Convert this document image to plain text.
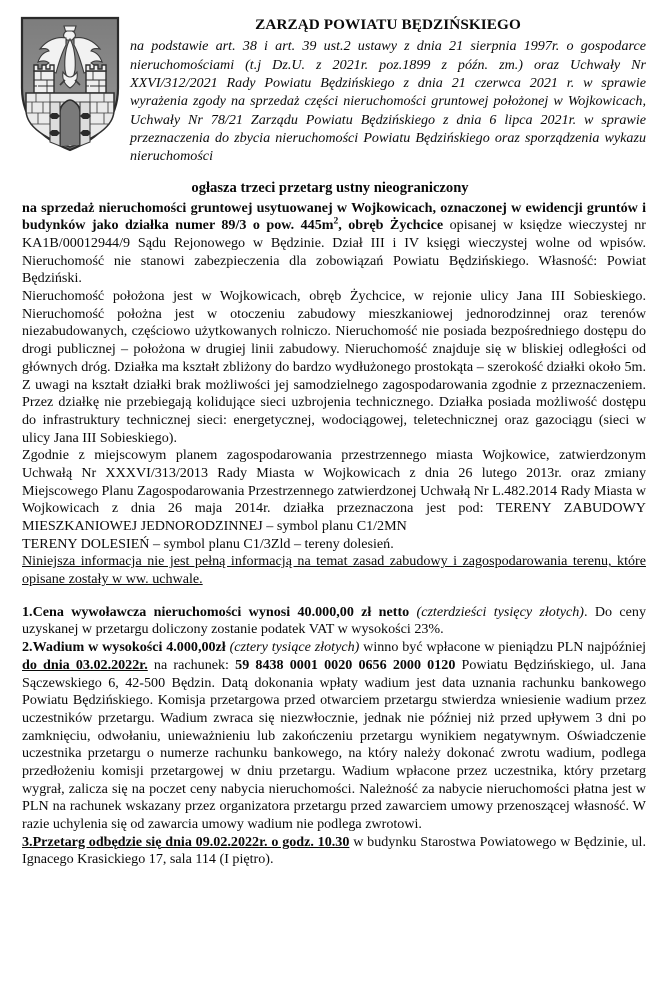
ZARZĄD POWIATU BĘDZIŃSKIEGO
na podstawie art. 38 i art. 39 ust.2 ustawy z dnia 21 sierpnia 1997r. o gospodarce nieruchomościami (t.j Dz.U. z 2021r. poz.1899 z późn. zm.) oraz Uchwały Nr XXVI/312/2021 Rady Powiatu Będzińskiego z dnia 21 czerwca 2021 r. w sprawie wyrażenia zgody na sprzedaż części nieruchomości gruntowej położonej w Wojkowicach, Uchwały Nr 78/21 Zarządu Powiatu Będzińskiego z dnia 6 lipca 2021r. w sprawie przeznaczenia do zbycia nieruchomości Powiatu Będzińskiego oraz sporządzenia wykazu nieruchomości
ogłasza trzeci przetarg ustny nieograniczony

na sprzedaż nieruchomości gruntowej usytuowanej w Wojkowicach, oznaczonej w ewidencji gruntów i budynków jako działka numer 89/3 o pow. $445m^2$, obręb Żychcice opisanej w księdze wieczystej nr KA1B/00012944/9 Sądu Rejonowego w Będzinie. Dział III i IV księgi wieczystej wolne od wpisów. Nieruchomość nie stanowi zabezpieczenia dla zobowiązań Powiatu Będzińskiego. Własność: Powiat Będziński.

Nieruchomość położona jest w Wojkowicach, obręb Żychcice, w rejonie ulicy Jana III Sobieskiego. Nieruchomość położna jest w otoczeniu zabudowy mieszkaniowej jednorodzinnej oraz terenów niezabudowanych, częściowo użytkowanych rolniczo. Nieruchomość nie posiada bezpośredniego dostępu do drogi publicznej – położona w drugiej linii zabudowy. Nieruchomość znajduje się w bliskiej odległości od głównych dróg. Działka ma kształt zbliżony do bardzo wydłużonego prostokąta – szerokość działki około 5m. Z uwagi na kształt działki brak możliwości jej samodzielnego zagospodarowania zgodnie z przeznaczeniem. Przez działkę nie przebiegają kolidujące sieci uzbrojenia technicznego. Działka posiada możliwość dostępu do infrastruktury technicznej sieci: energetycznej, wodociągowej, teletechnicznej oraz gazociągu (sieci w ulicy Jana III Sobieskiego).

Zgodnie z miejscowym planem zagospodarowania przestrzennego miasta Wojkowice, zatwierdzonym Uchwałą Nr XXXVI/313/2013 Rady Miasta w Wojkowicach z dnia 26 lutego 2013r. oraz zmiany Miejscowego Planu Zagospodarowania Przestrzennego zatwierdzonej Uchwałą Nr L.482.2014 Rady Miasta w Wojkowicach z dnia 26 maja 2014r. działka przeznaczona jest pod: TERENY ZABUDOWY MIESZKANIOWEJ JEDNORODZINNEJ – symbol planu C1/2MN

TERENY DOLESIEŃ – symbol planu C1/3Zld – tereny dolesień.

Niniejsza informacja nie jest pełną informacją na temat zasad zabudowy i zagospodarowania terenu, które opisane zostały w ww. uchwale.

1.Cena wywoławcza nieruchomości wynosi 40.000,00 zł netto (czterdzieści tysięcy złotych). Do ceny uzyskanej w przetargu doliczony zostanie podatek VAT w wysokości 23%.

2.Wadium w wysokości 4.000,00zł (cztery tysiące złotych) winno być wpłacone w pieniądzu PLN najpóźniej do dnia 03.02.2022r. na rachunek: 59 8438 0001 0020 0656 2000 0120 Powiatu Będzińskiego, ul. Jana Sączewskiego 6, 42-500 Będzin. Datą dokonania wpłaty wadium jest data uznania rachunku bankowego Powiatu Będzińskiego. Komisja przetargowa przed otwarciem przetargu stwierdza wniesienie wadium przez uczestników przetargu. Wadium zwraca się niezwłocznie, jednak nie później niż przed upływem 3 dni po zamknięciu, odwołaniu, unieważnieniu lub zakończeniu przetargu wynikiem negatywnym. Oświadczenie uczestnika przetargu o numerze rachunku bankowego, na który należy dokonać zwrotu wadium, podlega przedłożeniu komisji przetargowej w dniu przetargu. Wadium wpłacone przez uczestnika, który przetarg wygrał, zalicza się na poczet ceny nabycia nieruchomości. Należność za nabycie nieruchomości płatna jest w PLN na rachunek wskazany przez organizatora przetargu przed zawarciem umowy przenoszącej własność. W razie uchylenia się od zawarcia umowy wadium nie podlega zwrotowi.

3.Przetarg odbędzie się dnia 09.02.2022r. o godz. 10.30 w budynku Starostwa Powiatowego w Będzinie, ul. Ignacego Krasickiego 17, sala 114 (I piętro).
